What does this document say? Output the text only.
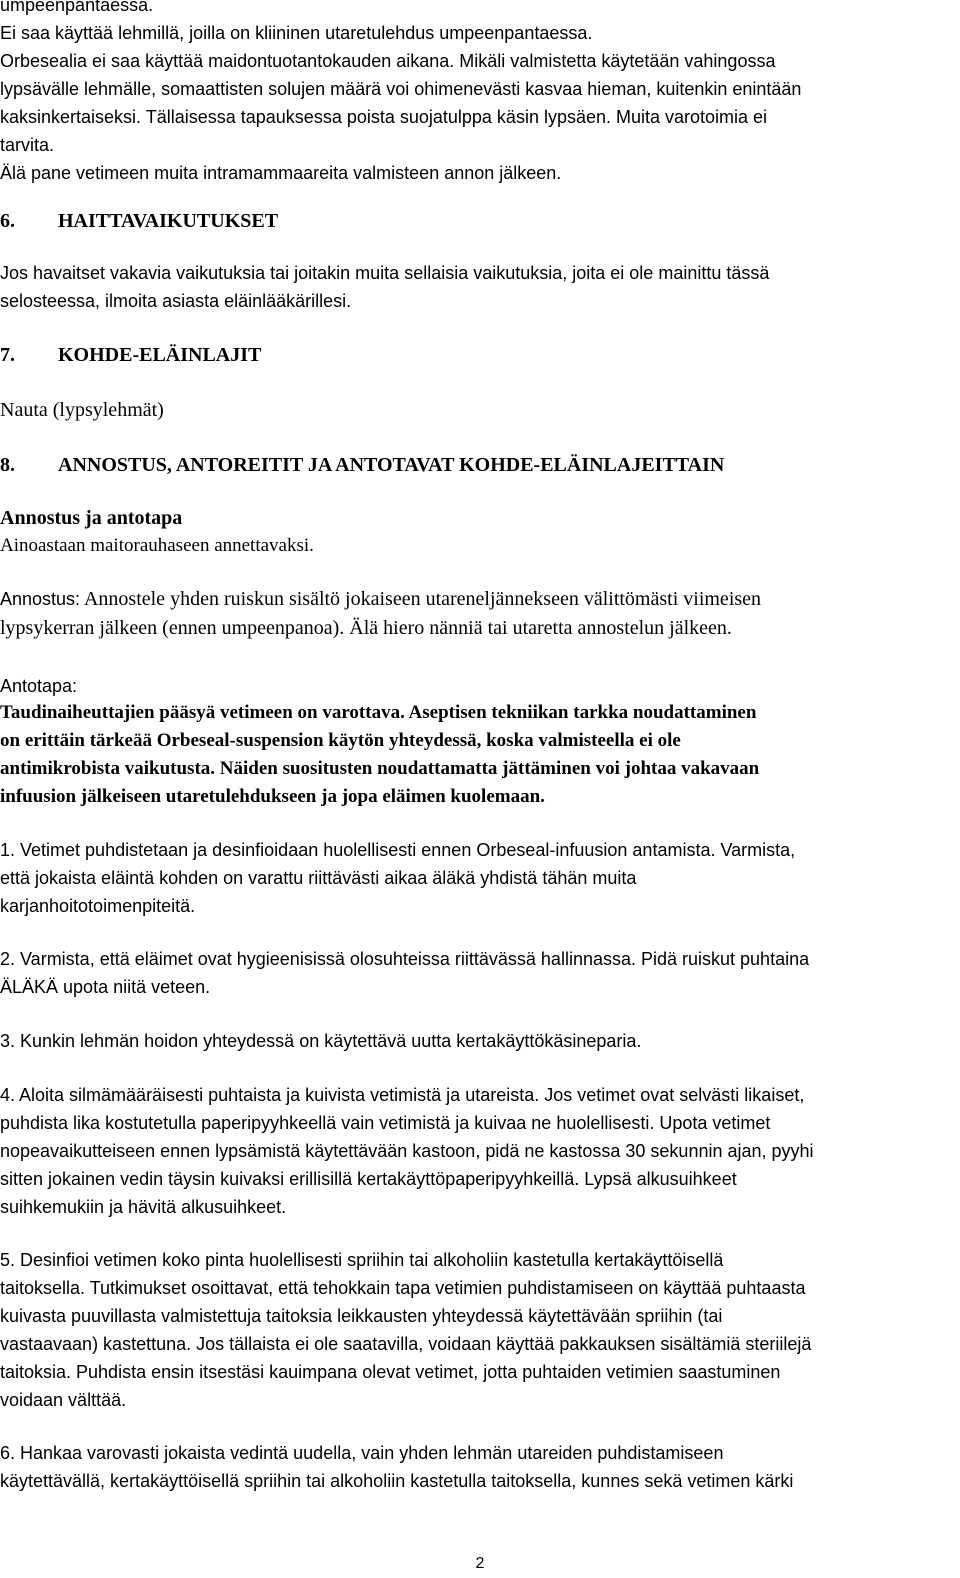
umpeenpantaessa.

Ei saa käyttää lehmillä, joilla on kliininen utaretulehdus umpeenpantaessa.

Orbesealia ei saa käyttää maidontuotantokauden aikana. Mikäli valmistetta käytetään vahingossa

lypsävälle lehmälle, somaattisten solujen määrä voi ohimenevästi kasvaa hieman, kuitenkin enintään

kaksinkertaiseksi. Tällaisessa tapauksessa poista suojatulppa käsin lypsäen. Muita varotoimia ei

tarvita.

Älä pane vetimeen muita intramammaareita valmisteen annon jälkeen.

6. HAITTAVAIKUTUKSET

Jos havaitset vakavia vaikutuksia tai joitakin muita sellaisia vaikutuksia, joita ei ole mainittu tässä

selosteessa, ilmoita asiasta eläinlääkärillesi.

7. KOHDE-ELÄINLAJIT

Nauta (lypsylehmät)

8. ANNOSTUS, ANTOREITIT JA ANTOTAVAT KOHDE-ELÄINLAJEITTAIN

Annostus ja antotapa

Ainoastaan maitorauhaseen annettavaksi.

Annostus: Annostele yhden ruiskun sisältö jokaiseen utareneljännekseen välittömästi viimeisen

lypsykerran jälkeen (ennen umpeenpanoa). Älä hiero nänniä tai utaretta annostelun jälkeen.

Antotapa:

Taudinaiheuttajien pääsyä vetimeen on varottava. Aseptisen tekniikan tarkka noudattaminen

on erittäin tärkeää Orbeseal-suspension käytön yhteydessä, koska valmisteella ei ole

antimikrobista vaikutusta. Näiden suositusten noudattamatta jättäminen voi johtaa vakavaan

infuusion jälkeiseen utaretulehdukseen ja jopa eläimen kuolemaan.

1. Vetimet puhdistetaan ja desinfioidaan huolellisesti ennen Orbeseal-infuusion antamista. Varmista,

että jokaista eläintä kohden on varattu riittävästi aikaa äläkä yhdistä tähän muita

karjanhoitotoimenpiteitä.

2. Varmista, että eläimet ovat hygieenisissä olosuhteissa riittävässä hallinnassa. Pidä ruiskut puhtaina

ÄLÄKÄ upota niitä veteen.

3. Kunkin lehmän hoidon yhteydessä on käytettävä uutta kertakäyttökäsineparia.

4. Aloita silmämääräisesti puhtaista ja kuivista vetimistä ja utareista. Jos vetimet ovat selvästi likaiset,

puhdista lika kostutetulla paperipyyhkeellä vain vetimistä ja kuivaa ne huolellisesti. Upota vetimet

nopeavaikutteiseen ennen lypsämistä käytettävään kastoon, pidä ne kastossa 30 sekunnin ajan, pyyhi

sitten jokainen vedin täysin kuivaksi erillisillä kertakäyttöpaperipyyhkeillä. Lypsä alkusuihkeet

suihkemukiin ja hävitä alkusuihkeet.

5. Desinfioi vetimen koko pinta huolellisesti spriihin tai alkoholiin kastetulla kertakäyttöisellä

taitoksella. Tutkimukset osoittavat, että tehokkain tapa vetimien puhdistamiseen on käyttää puhtaasta

kuivasta puuvillasta valmistettuja taitoksia leikkausten yhteydessä käytettävään spriihin (tai

vastaavaan) kastettuna. Jos tällaista ei ole saatavilla, voidaan käyttää pakkauksen sisältämiä steriilejä

taitoksia. Puhdista ensin itsestäsi kauimpana olevat vetimet, jotta puhtaiden vetimien saastuminen

voidaan välttää.

6. Hankaa varovasti jokaista vedintä uudella, vain yhden lehmän utareiden puhdistamiseen

käytettävällä, kertakäyttöisellä spriihin tai alkoholiin kastetulla taitoksella, kunnes sekä vetimen kärki

2
